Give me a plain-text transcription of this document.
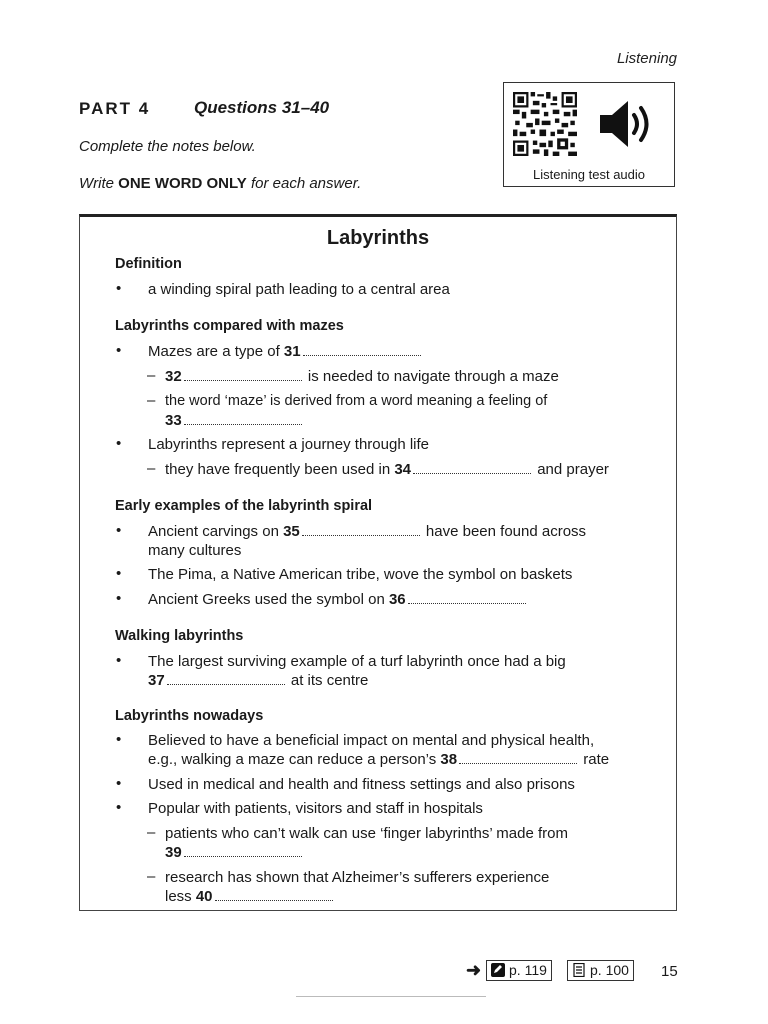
Listening
PART 4	Questions 31–40
Complete the notes below.
Write ONE WORD ONLY for each answer.
Listening test audio
Labyrinths
Definition
• a winding spiral path leading to a central area
Labyrinths compared with mazes
• Mazes are a type of 31
– 32	is needed to navigate through a maze
– the word ‘maze’ is derived from a word meaning a feeling of
33
• Labyrinths represent a journey through life
– they have frequently been used in 34	and prayer
Early examples of the labyrinth spiral
• Ancient carvings on 35	have been found across
many cultures
• The Pima, a Native American tribe, wove the symbol on baskets
• Ancient Greeks used the symbol on 36
Walking labyrinths
• The largest surviving example of a turf labyrinth once had a big
37	at its centre
Labyrinths nowadays
• Believed to have a beneficial impact on mental and physical health,
e.g., walking a maze can reduce a person’s 38	rate
• Used in medical and health and fitness settings and also prisons
• Popular with patients, visitors and staff in hospitals
– patients who can’t walk can use ‘finger labyrinths’ made from
39
– research has shown that Alzheimer’s sufferers experience
less 40
➜	p. 119	p. 100	15
